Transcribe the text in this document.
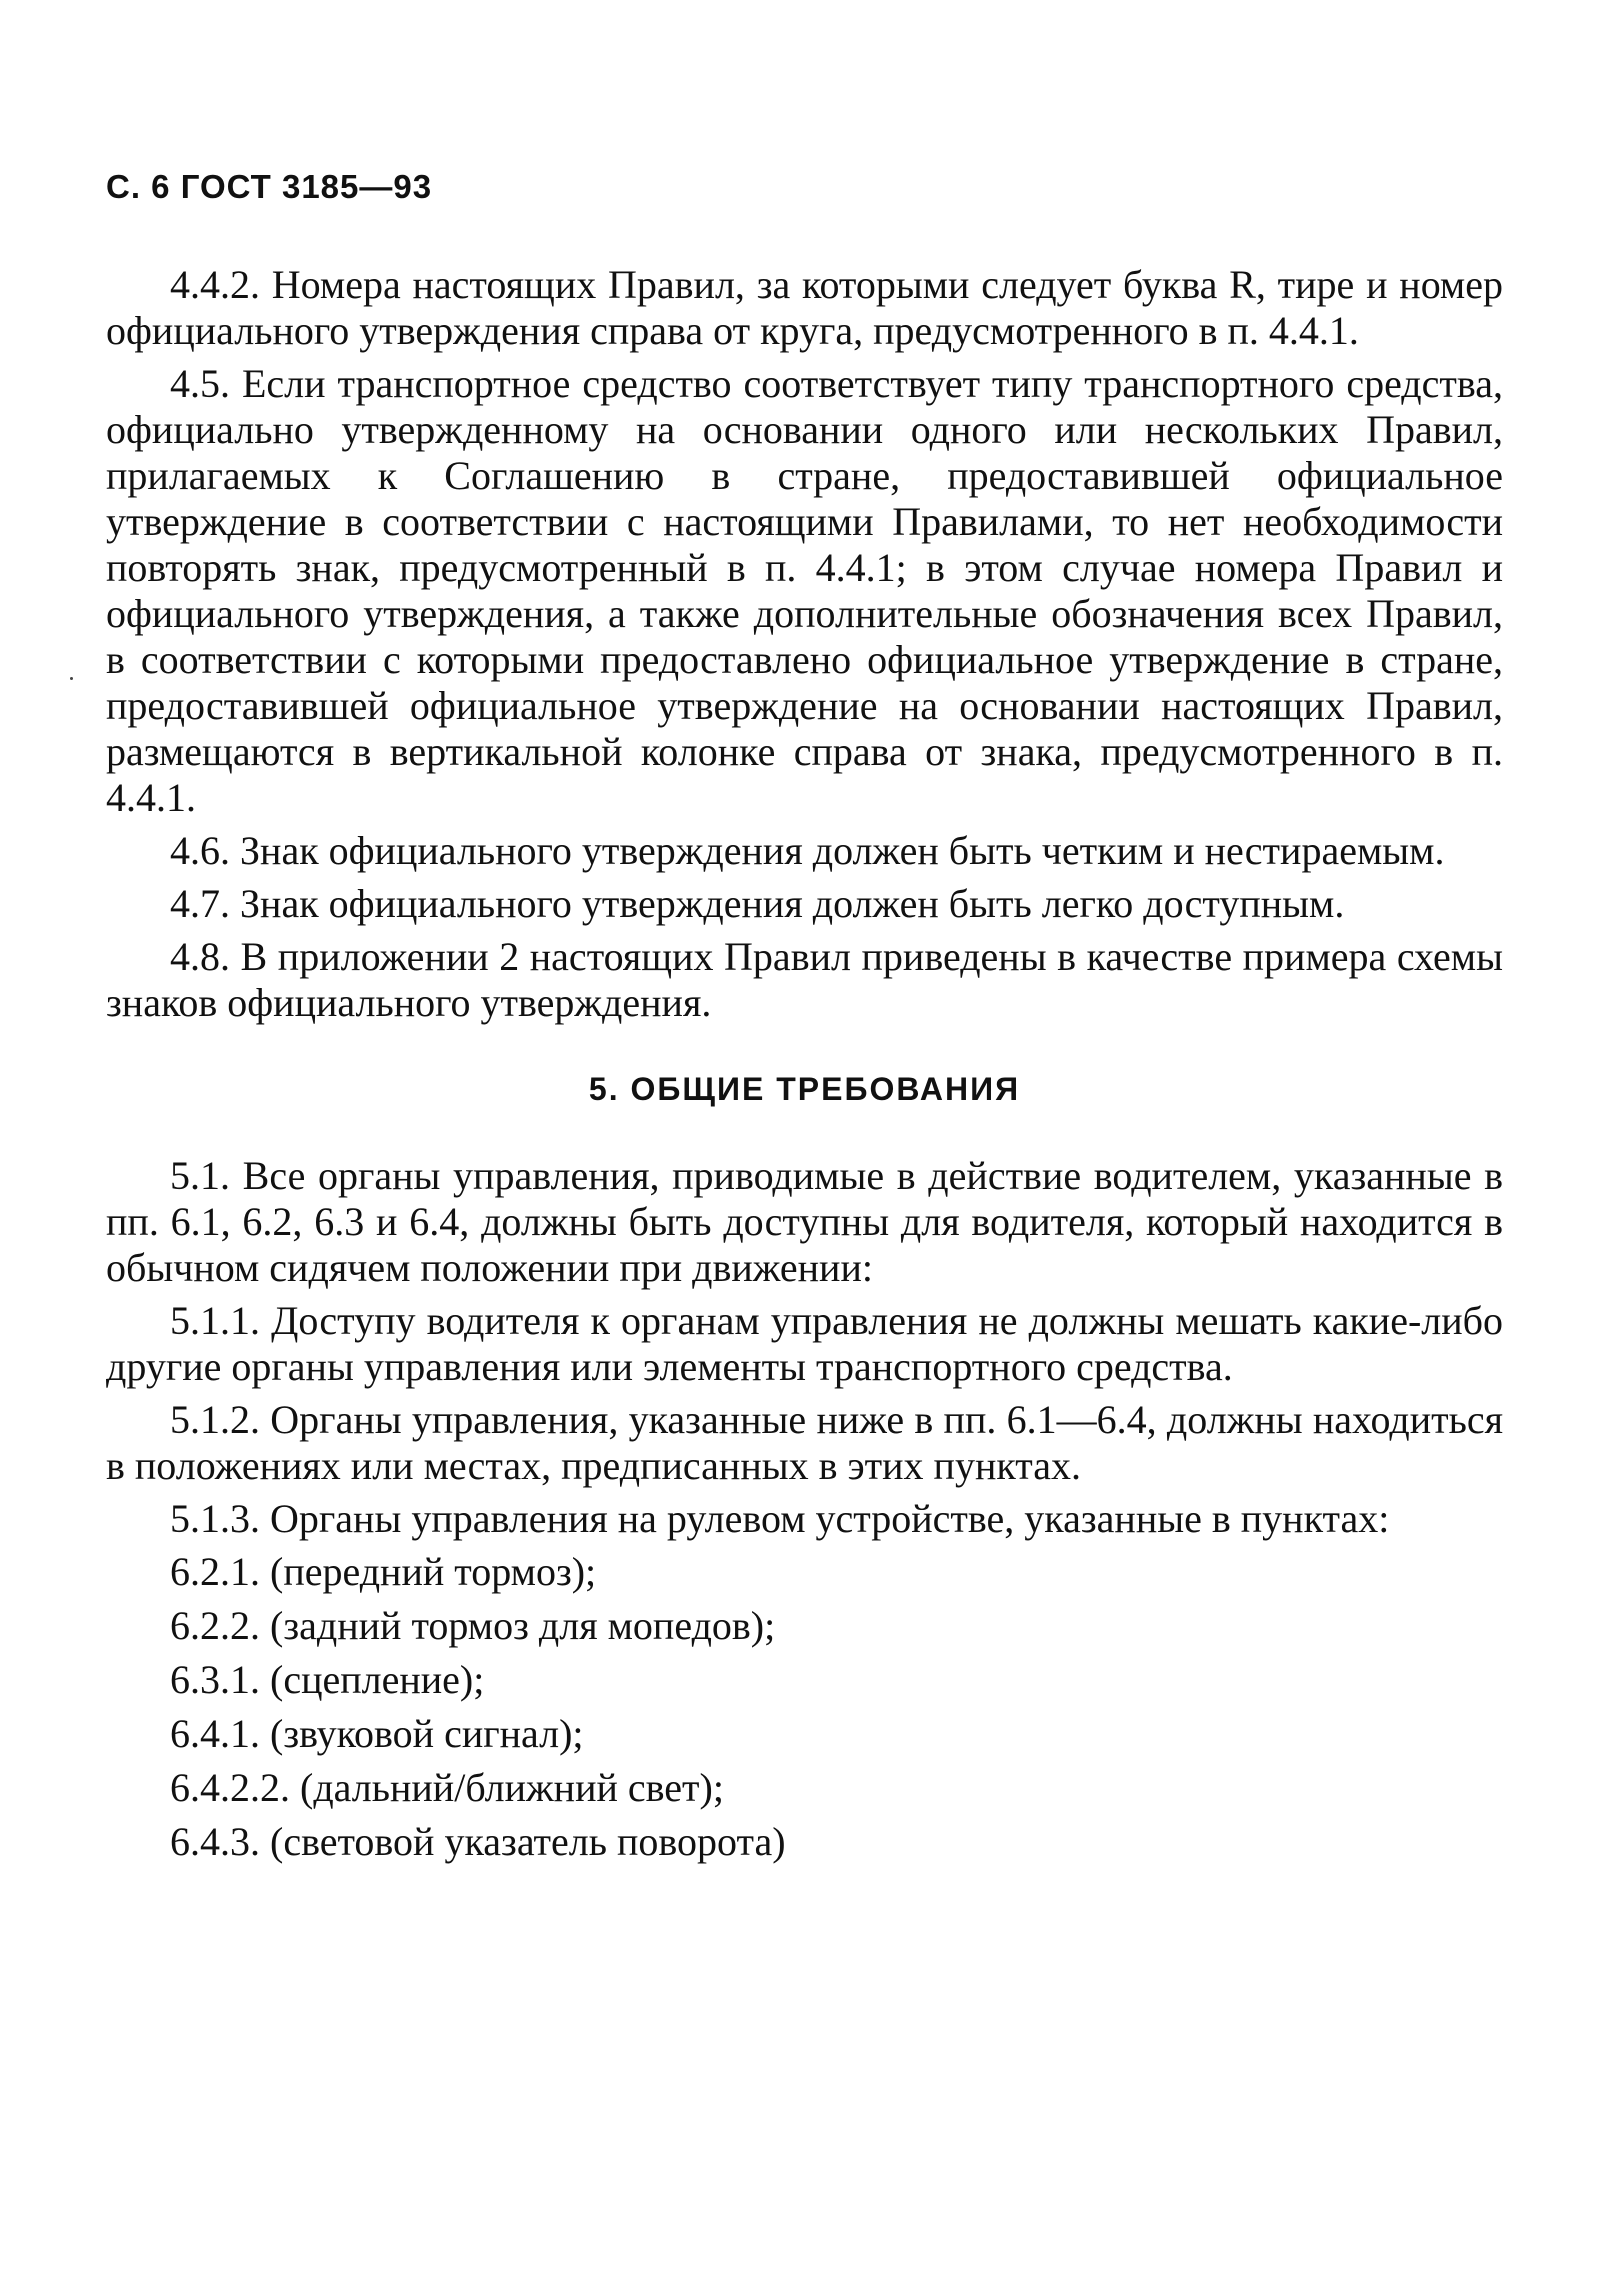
С. 6 ГОСТ 3185—93

4.4.2. Номера настоящих Правил, за которыми следует буква R, тире и номер официального утверждения справа от круга, предусмотренного в п. 4.4.1.

4.5. Если транспортное средство соответствует типу транспортного средства, официально утвержденному на основании одного или нескольких Правил, прилагаемых к Соглашению в стране, предоставившей официальное утверждение в соответствии с настоящими Правилами, то нет необходимости повторять знак, предусмотренный в п. 4.4.1; в этом случае номера Правил и официального утверждения, а также дополнительные обозначения всех Правил, в соответствии с которыми предоставлено официальное утверждение в стране, предоставившей официальное утверждение на основании настоящих Правил, размещаются в вертикальной колонке справа от знака, предусмотренного в п. 4.4.1.

4.6. Знак официального утверждения должен быть четким и нестираемым.

4.7. Знак официального утверждения должен быть легко доступным.

4.8. В приложении 2 настоящих Правил приведены в качестве примера схемы знаков официального утверждения.

5. ОБЩИЕ ТРЕБОВАНИЯ

5.1. Все органы управления, приводимые в действие водителем, указанные в пп. 6.1, 6.2, 6.3 и 6.4, должны быть доступны для водителя, который находится в обычном сидячем положении при движении:

5.1.1. Доступу водителя к органам управления не должны мешать какие-либо другие органы управления или элементы транспортного средства.

5.1.2. Органы управления, указанные ниже в пп. 6.1—6.4, должны находиться в положениях или местах, предписанных в этих пунктах.

5.1.3. Органы управления на рулевом устройстве, указанные в пунктах:

6.2.1. (передний тормоз);
6.2.2. (задний тормоз для мопедов);
6.3.1. (сцепление);
6.4.1. (звуковой сигнал);
6.4.2.2. (дальний/ближний свет);
6.4.3. (световой указатель поворота)
